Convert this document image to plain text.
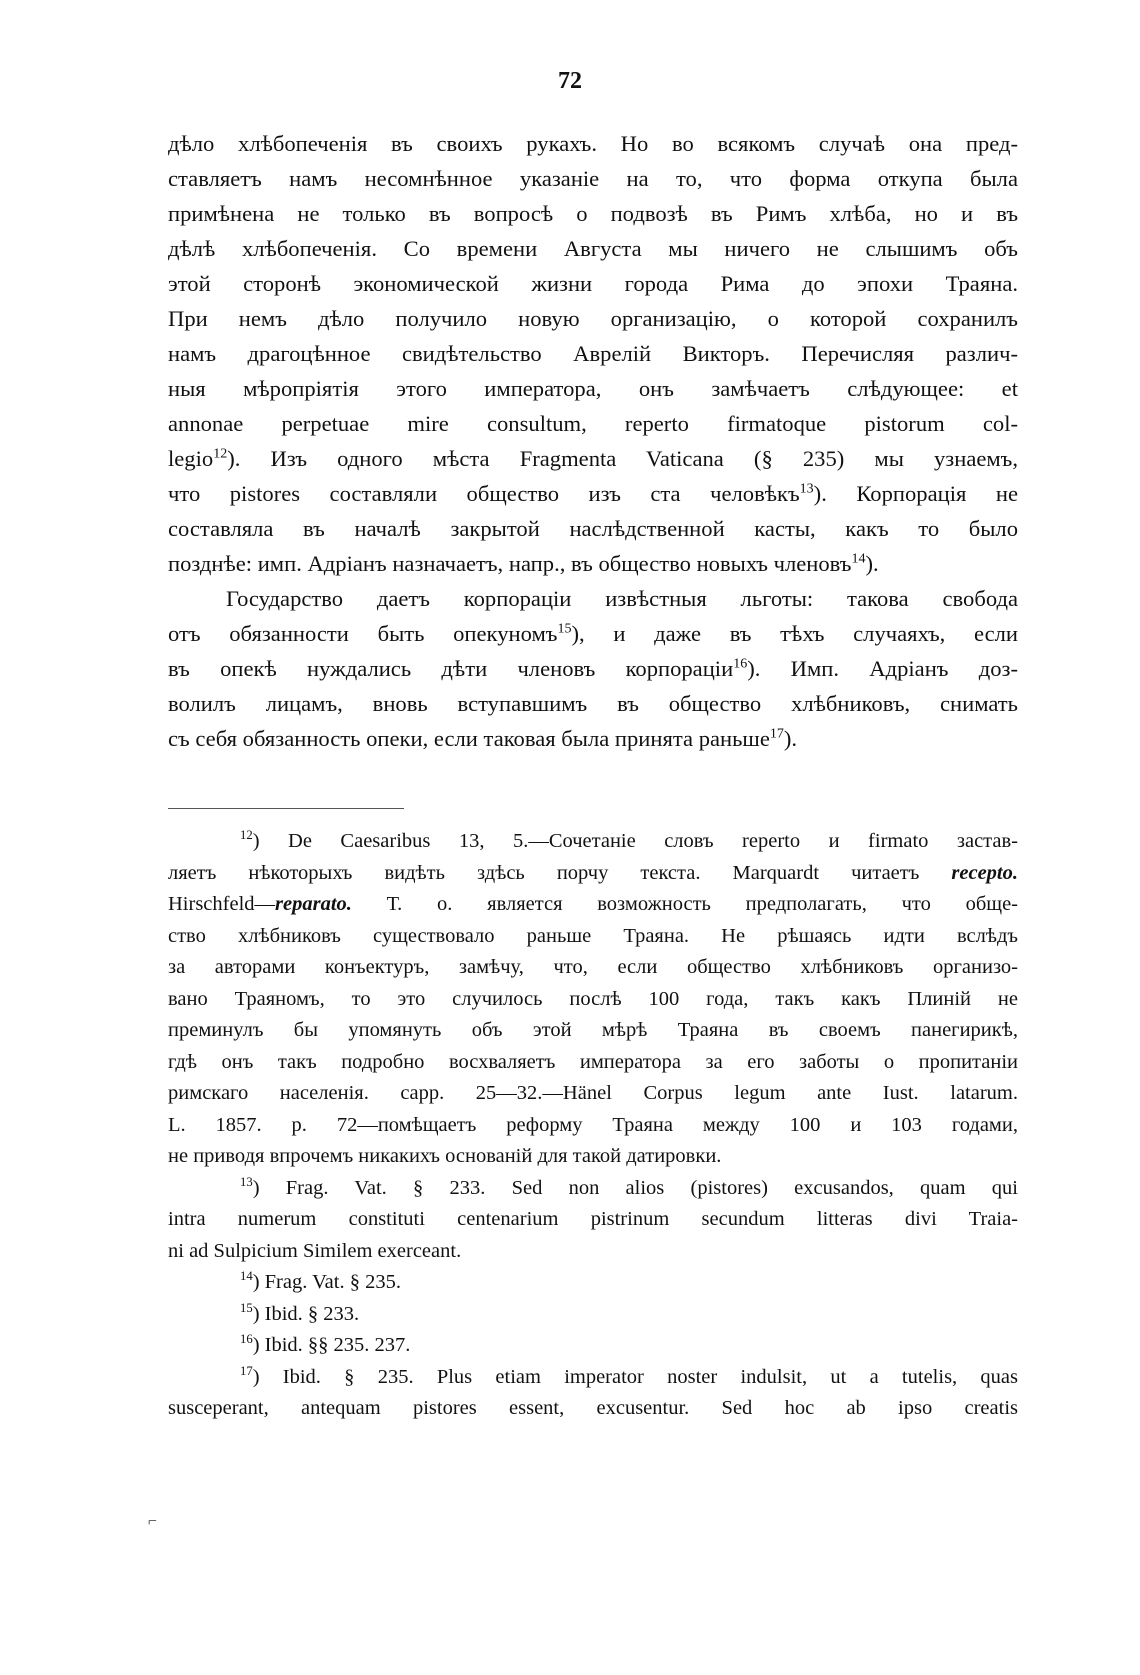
72
дѣло хлѣбопеченія въ своихъ рукахъ. Но во всякомъ случаѣ она пред-
ставляетъ намъ несомнѣнное указаніе на то, что форма откупа была
примѣнена не только въ вопросѣ о подвозѣ въ Римъ хлѣба, но и въ
дѣлѣ хлѣбопеченія. Со времени Августа мы ничего не слышимъ объ
этой сторонѣ экономической жизни города Рима до эпохи Траяна.
При немъ дѣло получило новую организацію, о которой сохранилъ
намъ драгоцѣнное свидѣтельство Аврелій Викторъ. Перечисляя различ-
ныя мѣропріятія этого императора, онъ замѣчаетъ слѣдующее: et
annonae perpetuae mire consultum, reperto firmatoque pistorum col-
legio$^{12}$). Изъ одного мѣста Fragmenta Vaticana (§ 235) мы узнаемъ,
что pistores составляли общество изъ ста человѣкъ$^{13}$). Корпорація не
составляла въ началѣ закрытой наслѣдственной касты, какъ то было
позднѣе: имп. Адріанъ назначаетъ, напр., въ общество новыхъ членовъ$^{14}$).
Государство даетъ корпораціи извѣстныя льготы: такова свобода
отъ обязанности быть опекуномъ$^{15}$), и даже въ тѣхъ случаяхъ, если
въ опекѣ нуждались дѣти членовъ корпораціи$^{16}$). Имп. Адріанъ доз-
волилъ лицамъ, вновь вступавшимъ въ общество хлѣбниковъ, снимать
съ себя обязанность опеки, если таковая была принята раньше$^{17}$).
$^{12}$) De Caesaribus 13, 5.—Сочетаніе словъ reperto и firmato застав-
ляетъ нѣкоторыхъ видѣть здѣсь порчу текста. Marquardt читаетъ recepto.
Hirschfeld—reparato. Т. о. является возможность предполагать, что обще-
ство хлѣбниковъ существовало раньше Траяна. Не рѣшаясь идти вслѣдъ
за авторами конъектуръ, замѣчу, что, если общество хлѣбниковъ организо-
вано Траяномъ, то это случилось послѣ 100 года, такъ какъ Плиній не
преминулъ бы упомянуть объ этой мѣрѣ Траяна въ своемъ панегирикѣ,
гдѣ онъ такъ подробно восхваляетъ императора за его заботы о пропитаніи
римскаго населенія. capp. 25—32.—Hänel Corpus legum ante Iust. latarum.
L. 1857. p. 72—помѣщаетъ реформу Траяна между 100 и 103 годами,
не приводя впрочемъ никакихъ основаній для такой датировки.
$^{13}$) Frag. Vat. § 233. Sed non alios (pistores) excusandos, quam qui
intra numerum constituti centenarium pistrinum secundum litteras divi Traia-
ni ad Sulpicium Similem exerceant.
$^{14}$) Frag. Vat. § 235.
$^{15}$) Ibid. § 233.
$^{16}$) Ibid. §§ 235. 237.
$^{17}$) Ibid. § 235. Plus etiam imperator noster indulsit, ut a tutelis, quas
susceperant, antequam pistores essent, excusentur. Sed hoc ab ipso creatis
⌐
